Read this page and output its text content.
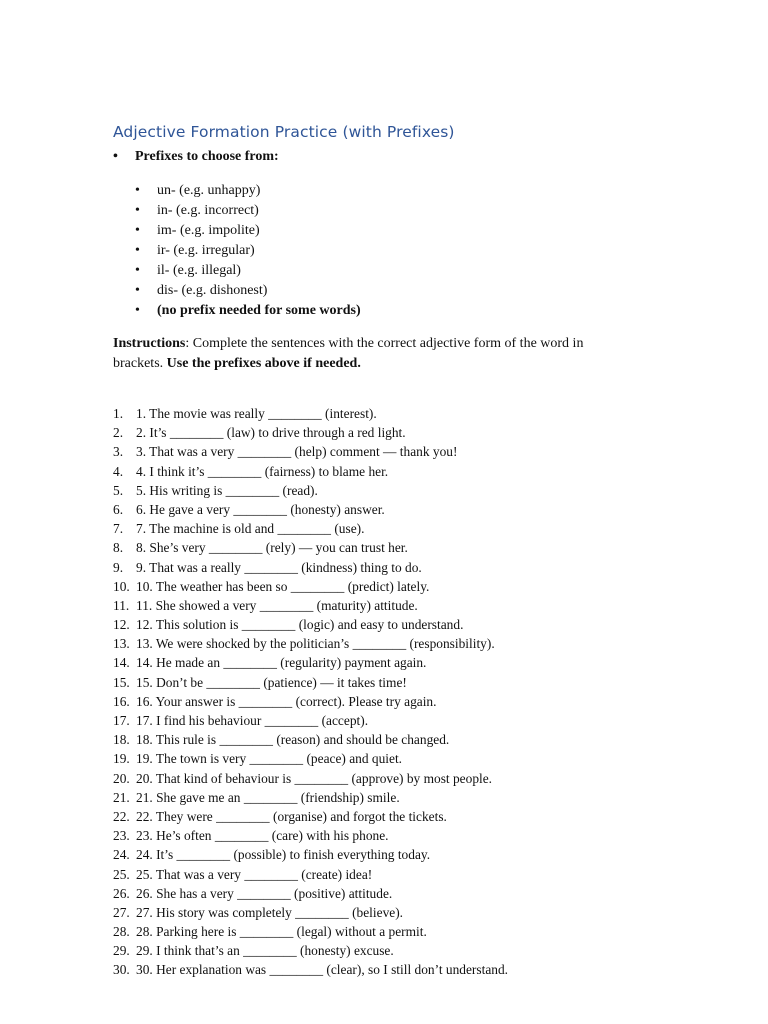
Adjective Formation Practice (with Prefixes)
• Prefixes to choose from:
• un- (e.g. unhappy)
• in- (e.g. incorrect)
• im- (e.g. impolite)
• ir- (e.g. irregular)
• il- (e.g. illegal)
• dis- (e.g. dishonest)
• (no prefix needed for some words)

Instructions: Complete the sentences with the correct adjective form of the word in brackets. Use the prefixes above if needed.

1. 1. The movie was really ________ (interest).
2. 2. It’s ________ (law) to drive through a red light.
3. 3. That was a very ________ (help) comment — thank you!
4. 4. I think it’s ________ (fairness) to blame her.
5. 5. His writing is ________ (read).
6. 6. He gave a very ________ (honesty) answer.
7. 7. The machine is old and ________ (use).
8. 8. She’s very ________ (rely) — you can trust her.
9. 9. That was a really ________ (kindness) thing to do.
10. 10. The weather has been so ________ (predict) lately.
11. 11. She showed a very ________ (maturity) attitude.
12. 12. This solution is ________ (logic) and easy to understand.
13. 13. We were shocked by the politician’s ________ (responsibility).
14. 14. He made an ________ (regularity) payment again.
15. 15. Don’t be ________ (patience) — it takes time!
16. 16. Your answer is ________ (correct). Please try again.
17. 17. I find his behaviour ________ (accept).
18. 18. This rule is ________ (reason) and should be changed.
19. 19. The town is very ________ (peace) and quiet.
20. 20. That kind of behaviour is ________ (approve) by most people.
21. 21. She gave me an ________ (friendship) smile.
22. 22. They were ________ (organise) and forgot the tickets.
23. 23. He’s often ________ (care) with his phone.
24. 24. It’s ________ (possible) to finish everything today.
25. 25. That was a very ________ (create) idea!
26. 26. She has a very ________ (positive) attitude.
27. 27. His story was completely ________ (believe).
28. 28. Parking here is ________ (legal) without a permit.
29. 29. I think that’s an ________ (honesty) excuse.
30. 30. Her explanation was ________ (clear), so I still don’t understand.
